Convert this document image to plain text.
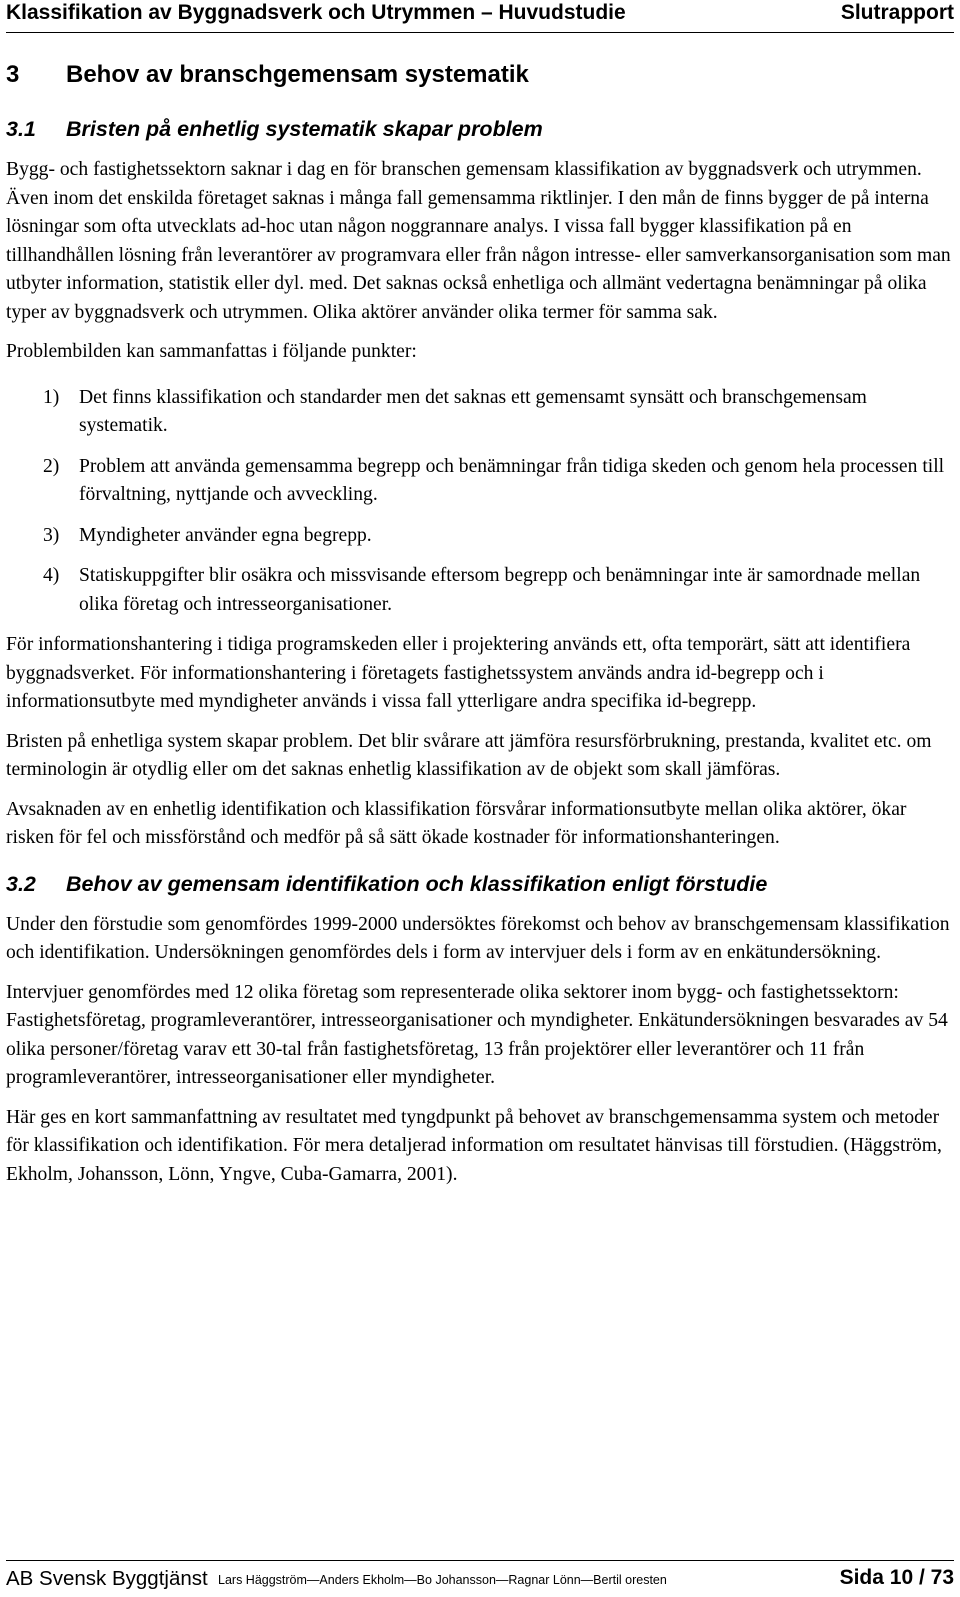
Klassifikation av Byggnadsverk och Utrymmen – Huvudstudie	Slutrapport
3 Behov av branschgemensam systematik
3.1 Bristen på enhetlig systematik skapar problem

Bygg- och fastighetssektorn saknar i dag en för branschen gemensam klassifikation av byggnadsverk och utrymmen. Även inom det enskilda företaget saknas i många fall gemensamma riktlinjer. I den mån de finns bygger de på interna lösningar som ofta utvecklats ad-hoc utan någon noggrannare analys. I vissa fall bygger klassifikation på en tillhandhållen lösning från leverantörer av programvara eller från någon intresse- eller samverkansorganisation som man utbyter information, statistik eller dyl. med. Det saknas också enhetliga och allmänt vedertagna benämningar på olika typer av byggnadsverk och utrymmen. Olika aktörer använder olika termer för samma sak.

Problembilden kan sammanfattas i följande punkter:

1) Det finns klassifikation och standarder men det saknas ett gemensamt synsätt och branschgemensam systematik.
2) Problem att använda gemensamma begrepp och benämningar från tidiga skeden och genom hela processen till förvaltning, nyttjande och avveckling.
3) Myndigheter använder egna begrepp.
4) Statiskuppgifter blir osäkra och missvisande eftersom begrepp och benämningar inte är samordnade mellan olika företag och intresseorganisationer.

För informationshantering i tidiga programskeden eller i projektering används ett, ofta temporärt, sätt att identifiera byggnadsverket. För informationshantering i företagets fastighetssystem används andra id-begrepp och i informationsutbyte med myndigheter används i vissa fall ytterligare andra specifika id-begrepp.

Bristen på enhetliga system skapar problem. Det blir svårare att jämföra resursförbrukning, prestanda, kvalitet etc. om terminologin är otydlig eller om det saknas enhetlig klassifikation av de objekt som skall jämföras.

Avsaknaden av en enhetlig identifikation och klassifikation försvårar informationsutbyte mellan olika aktörer, ökar risken för fel och missförstånd och medför på så sätt ökade kostnader för informationshanteringen.

3.2 Behov av gemensam identifikation och klassifikation enligt förstudie

Under den förstudie som genomfördes 1999-2000 undersöktes förekomst och behov av branschgemensam klassifikation och identifikation. Undersökningen genomfördes dels i form av intervjuer dels i form av en enkätundersökning.

Intervjuer genomfördes med 12 olika företag som representerade olika sektorer inom bygg- och fastighetssektorn: Fastighetsföretag, programleverantörer, intresseorganisationer och myndigheter. Enkätundersökningen besvarades av 54 olika personer/företag varav ett 30-tal från fastighetsföretag, 13 från projektörer eller leverantörer och 11 från programleverantörer, intresseorganisationer eller myndigheter.

Här ges en kort sammanfattning av resultatet med tyngdpunkt på behovet av branschgemensamma system och metoder för klassifikation och identifikation. För mera detaljerad information om resultatet hänvisas till förstudien. (Häggström, Ekholm, Johansson, Lönn, Yngve, Cuba-Gamarra, 2001).

AB Svensk Byggtjänst Lars Häggström—Anders Ekholm—Bo Johansson—Ragnar Lönn—Bertil oresten	Sida 10 / 73
